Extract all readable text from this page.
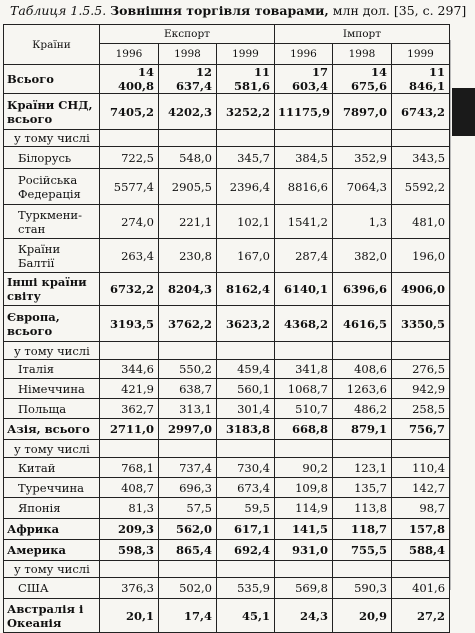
Таблиця 1.5.5. Зовнішня торгівля товарами, млн дол. [35, с. 297]
Країни	Експорт			Імпорт		
	1996	1998	1999	1996	1998	1999
Всього	14 400,8	12 637,4	11 581,6	17 603,4	14 675,6	11 846,1
Країни СНД, всього	7405,2	4202,3	3252,2	11175,9	7897,0	6743,2
у тому числі						
Білорусь	722,5	548,0	345,7	384,5	352,9	343,5
Російська Федерація	5577,4	2905,5	2396,4	8816,6	7064,3	5592,2
Туркмени- стан	274,0	221,1	102,1	1541,2	1,3	481,0
Країни Балтії	263,4	230,8	167,0	287,4	382,0	196,0
Інші країни світу	6732,2	8204,3	8162,4	6140,1	6396,6	4906,0
Європа, всього	3193,5	3762,2	3623,2	4368,2	4616,5	3350,5
у тому числі						
Італія	344,6	550,2	459,4	341,8	408,6	276,5
Німеччина	421,9	638,7	560,1	1068,7	1263,6	942,9
Польща	362,7	313,1	301,4	510,7	486,2	258,5
Азія, всього	2711,0	2997,0	3183,8	668,8	879,1	756,7
у тому числі						
Китай	768,1	737,4	730,4	90,2	123,1	110,4
Туреччина	408,7	696,3	673,4	109,8	135,7	142,7
Японія	81,3	57,5	59,5	114,9	113,8	98,7
Африка	209,3	562,0	617,1	141,5	118,7	157,8
Америка	598,3	865,4	692,4	931,0	755,5	588,4
у тому числі						
США	376,3	502,0	535,9	569,8	590,3	401,6
Австралія і Океанія	20,1	17,4	45,1	24,3	20,9	27,2
